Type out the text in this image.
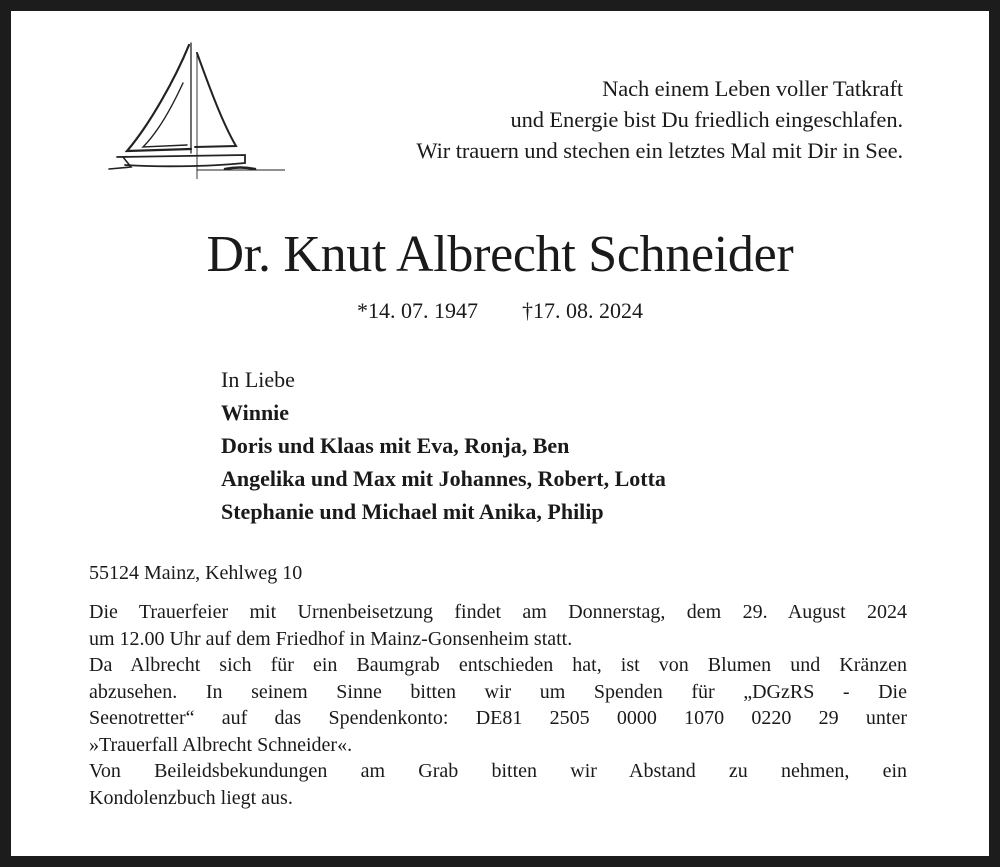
Nach einem Leben voller Tatkraft
und Energie bist Du friedlich eingeschlafen.
Wir trauern und stechen ein letztes Mal mit Dir in See.
Dr. Knut Albrecht Schneider
*14. 07. 1947 †17. 08. 2024
In Liebe
Winnie
Doris und Klaas mit Eva, Ronja, Ben
Angelika und Max mit Johannes, Robert, Lotta
Stephanie und Michael mit Anika, Philip
55124 Mainz, Kehlweg 10

Die Trauerfeier mit Urnenbeisetzung findet am Donnerstag, dem 29. August 2024
um 12.00 Uhr auf dem Friedhof in Mainz-Gonsenheim statt.

Da Albrecht sich für ein Baumgrab entschieden hat, ist von Blumen und Kränzen
abzusehen. In seinem Sinne bitten wir um Spenden für „DGzRS - Die
Seenotretter“ auf das Spendenkonto: DE81 2505 0000 1070 0220 29 unter
»Trauerfall Albrecht Schneider«.

Von Beileidsbekundungen am Grab bitten wir Abstand zu nehmen, ein
Kondolenzbuch liegt aus.
